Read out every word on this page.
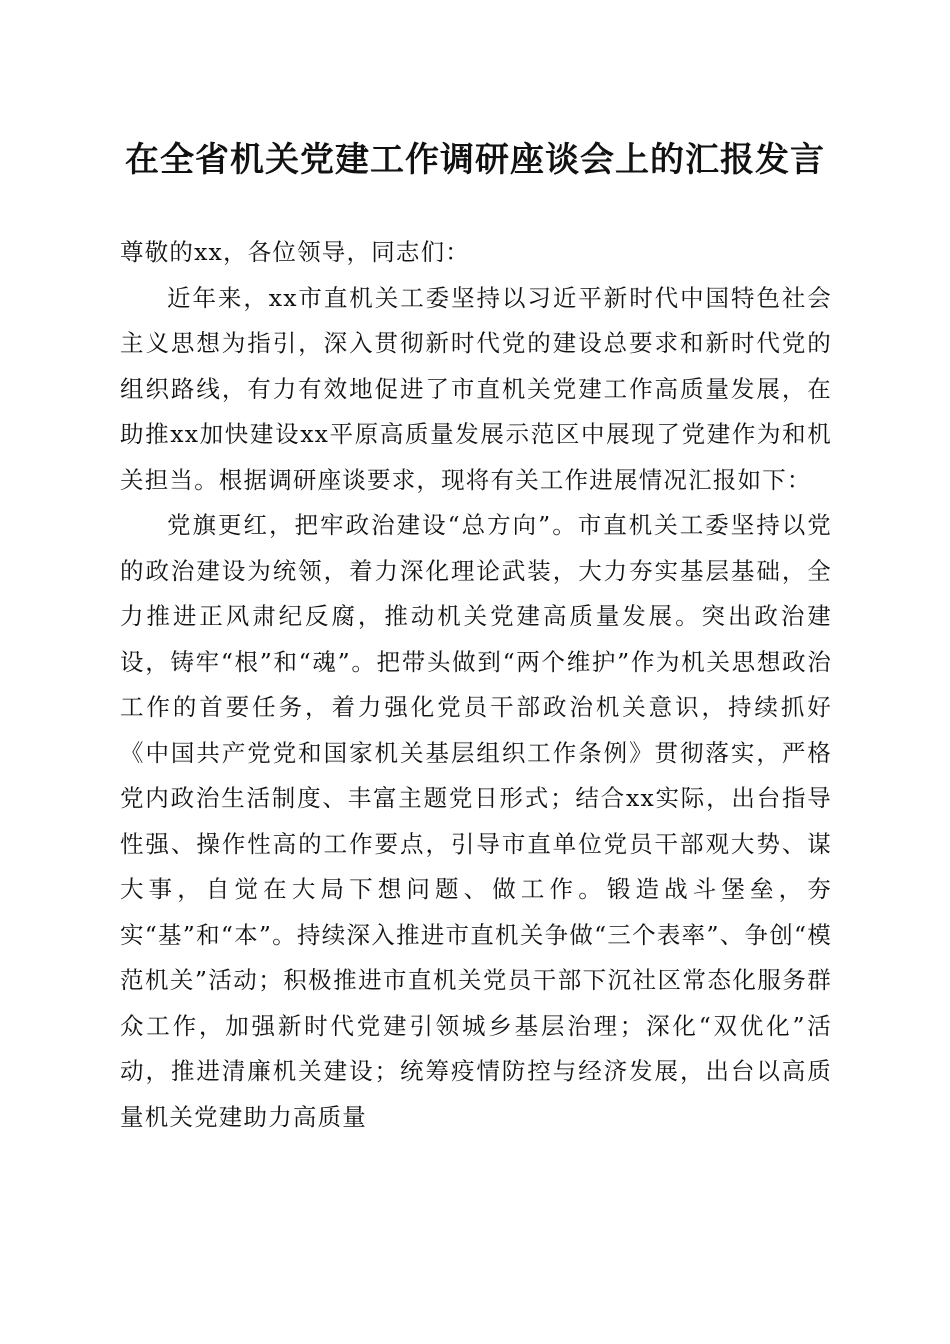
在全省机关党建工作调研座谈会上的汇报发言

尊敬的xx，各位领导，同志们：

近年来，xx市直机关工委坚持以习近平新时代中国特色社会主义思想为指引，深入贯彻新时代党的建设总要求和新时代党的组织路线，有力有效地促进了市直机关党建工作高质量发展，在助推xx加快建设xx平原高质量发展示范区中展现了党建作为和机关担当。根据调研座谈要求，现将有关工作进展情况汇报如下：

党旗更红，把牢政治建设“总方向”。市直机关工委坚持以党的政治建设为统领，着力深化理论武装，大力夯实基层基础，全力推进正风肃纪反腐，推动机关党建高质量发展。突出政治建设，铸牢“根”和“魂”。把带头做到“两个维护”作为机关思想政治工作的首要任务，着力强化党员干部政治机关意识，持续抓好《中国共产党党和国家机关基层组织工作条例》贯彻落实，严格党内政治生活制度、丰富主题党日形式；结合xx实际，出台指导性强、操作性高的工作要点，引导市直单位党员干部观大势、谋大事，自觉在大局下想问题、做工作。锻造战斗堡垒，夯实“基”和“本”。持续深入推进市直机关争做“三个表率”、争创“模范机关”活动；积极推进市直机关党员干部下沉社区常态化服务群众工作，加强新时代党建引领城乡基层治理；深化“双优化”活动，推进清廉机关建设；统筹疫情防控与经济发展，出台以高质量机关党建助力高质量
